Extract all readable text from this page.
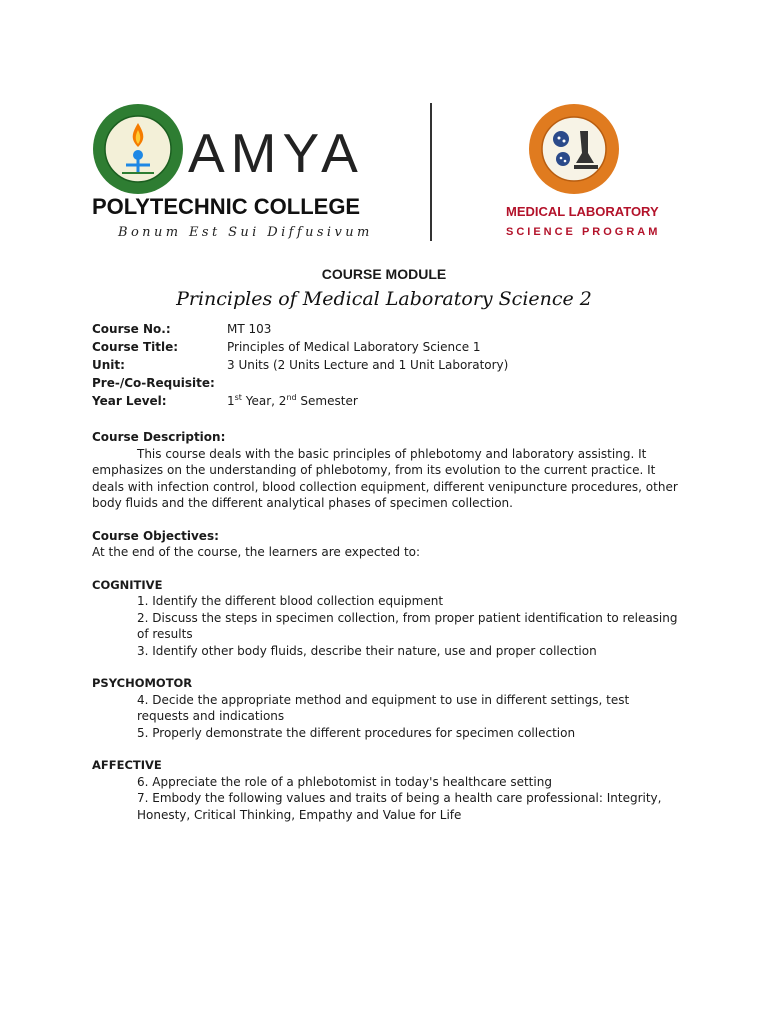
AMYA
POLYTECHNIC COLLEGE
Bonum Est Sui Diffusivum
MEDICAL LABORATORY
SCIENCE PROGRAM
COURSE MODULE
Principles of Medical Laboratory Science 2
Course No.:	MT 103
Course Title:	Principles of Medical Laboratory Science 1
Unit:	3 Units (2 Units Lecture and 1 Unit Laboratory)
Pre-/Co-Requisite:
Year Level:	1st Year, 2nd Semester
Course Description:

This course deals with the basic principles of phlebotomy and laboratory assisting. It emphasizes on the understanding of phlebotomy, from its evolution to the current practice. It deals with infection control, blood collection equipment, different venipuncture procedures, other body fluids and the different analytical phases of specimen collection.

Course Objectives:
At the end of the course, the learners are expected to:
COGNITIVE

1. Identify the different blood collection equipment

2. Discuss the steps in specimen collection, from proper patient identification to releasing of results

3. Identify other body fluids, describe their nature, use and proper collection

PSYCHOMOTOR

4. Decide the appropriate method and equipment to use in different settings, test requests and indications

5. Properly demonstrate the different procedures for specimen collection

AFFECTIVE

6. Appreciate the role of a phlebotomist in today's healthcare setting

7. Embody the following values and traits of being a health care professional: Integrity, Honesty, Critical Thinking, Empathy and Value for Life
